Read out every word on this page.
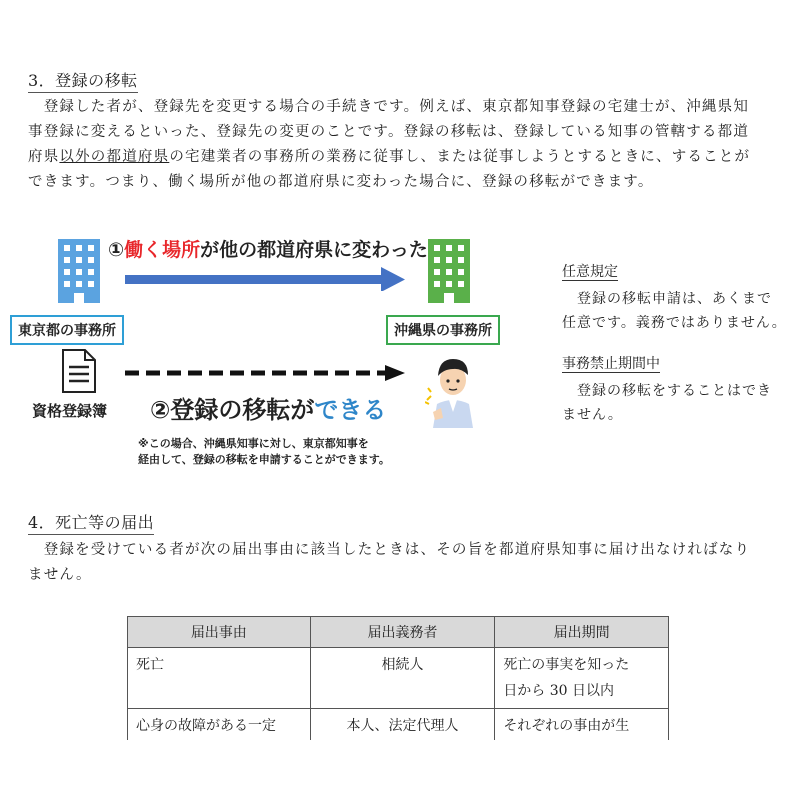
3．登録の移転
　登録した者が、登録先を変更する場合の手続きです。例えば、東京都知事登録の宅建士が、沖縄県知
事登録に変えるといった、登録先の変更のことです。登録の移転は、登録している知事の管轄する都道
府県以外の都道府県の宅建業者の事務所の業務に従事し、または従事しようとするときに、することが
できます。つまり、働く場所が他の都道府県に変わった場合に、登録の移転ができます。
①働く場所が他の都道府県に変わった
東京都の事務所	沖縄県の事務所
資格登録簿 ②登録の移転ができる
※この場合、沖縄県知事に対し、東京都知事を
経由して、登録の移転を申請することができます。
任意規定
　登録の移転申請は、あくまで
任意です。義務ではありません。
事務禁止期間中
　登録の移転をすることはでき
ません。
4．死亡等の届出
　登録を受けている者が次の届出事由に該当したときは、その旨を都道府県知事に届け出なければなり
ません。
届出事由	届出義務者	届出期間
死亡	相続人	死亡の事実を知った
日から 30 日以内

心身の故障がある一定	本人、法定代理人	それぞれの事由が生
